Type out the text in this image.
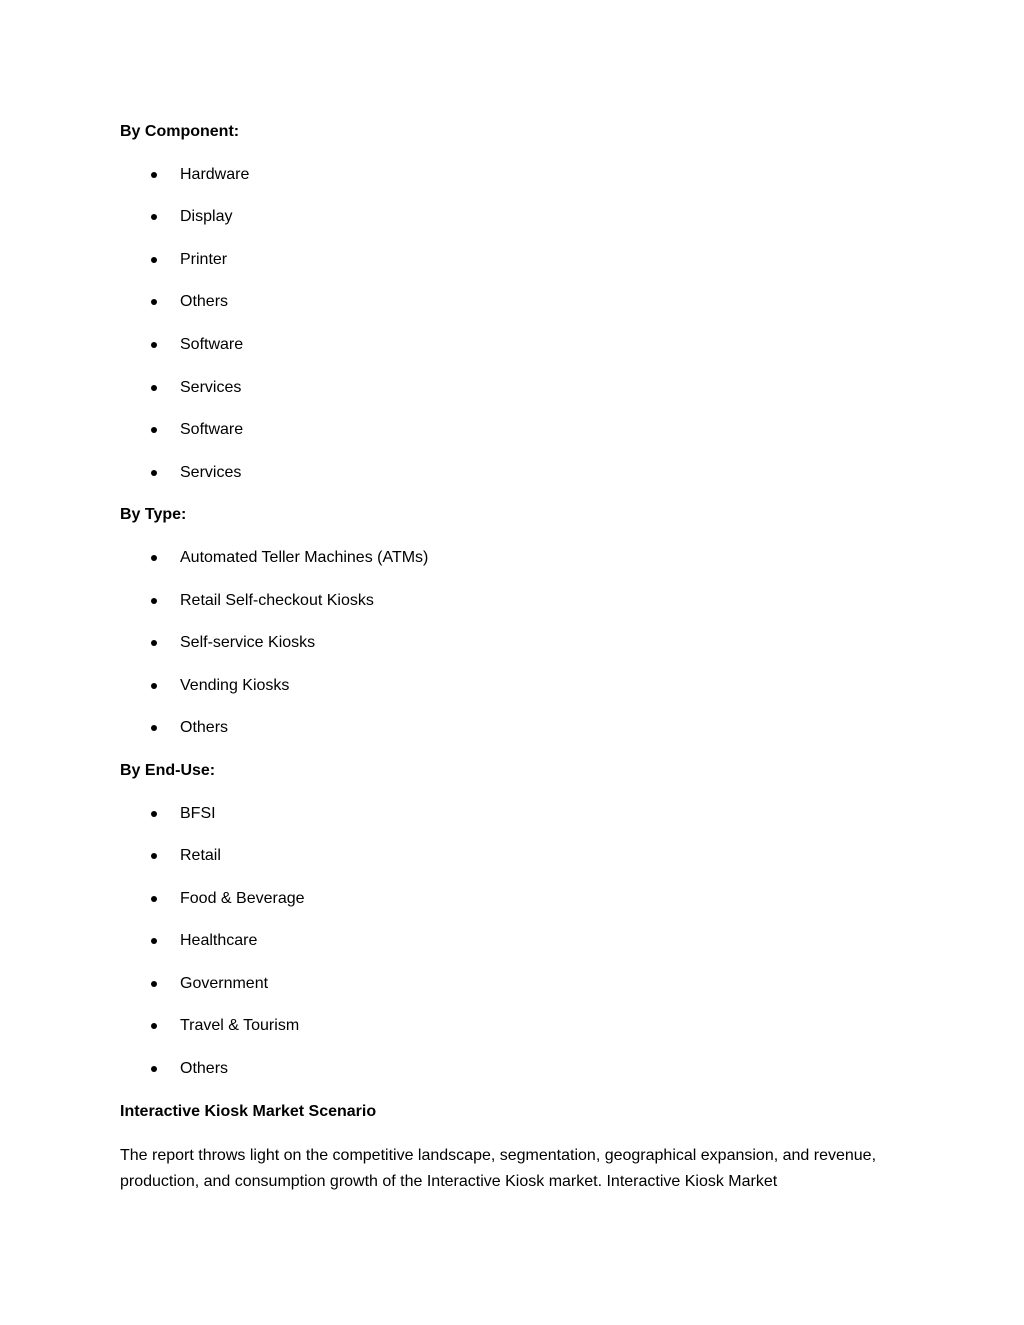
By Component:

Hardware
Display
Printer
Others
Software
Services
Software
Services

By Type:

Automated Teller Machines (ATMs)
Retail Self-checkout Kiosks
Self-service Kiosks
Vending Kiosks
Others

By End-Use:

BFSI
Retail
Food & Beverage
Healthcare
Government
Travel & Tourism
Others

Interactive Kiosk Market Scenario

The report throws light on the competitive landscape, segmentation, geographical expansion, and revenue, production, and consumption growth of the Interactive Kiosk market. Interactive Kiosk Market
